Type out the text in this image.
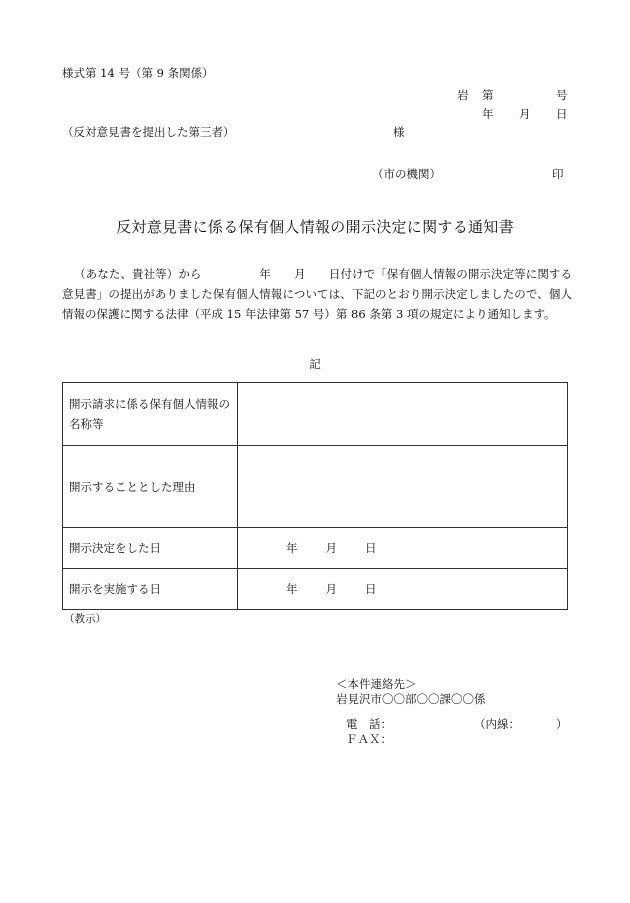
様式第 14 号（第 9 条関係）
岩 第	号
年 月 日
（反対意見書を提出した第三者）	様
（市の機関）	印
反対意見書に係る保有個人情報の開示決定に関する通知書
（あなた、貴社等）から　　　　　年　　月　　日付けで「保有個人情報の開示決定等に関する意見書」の提出がありました保有個人情報については、下記のとおり開示決定しましたので、個人情報の保護に関する法律（平成 15 年法律第 57 号）第 86 条第 3 項の規定により通知します。
記
開示請求に係る保有個人情報の名称等	
開示することとした理由	
開示決定をした日	年 月 日
開示を実施する日	年 月 日
（教示）
＜本件連絡先＞
岩見沢市〇〇部〇〇課〇〇係
電　話：	（内線：	）
ＦＡＸ：
